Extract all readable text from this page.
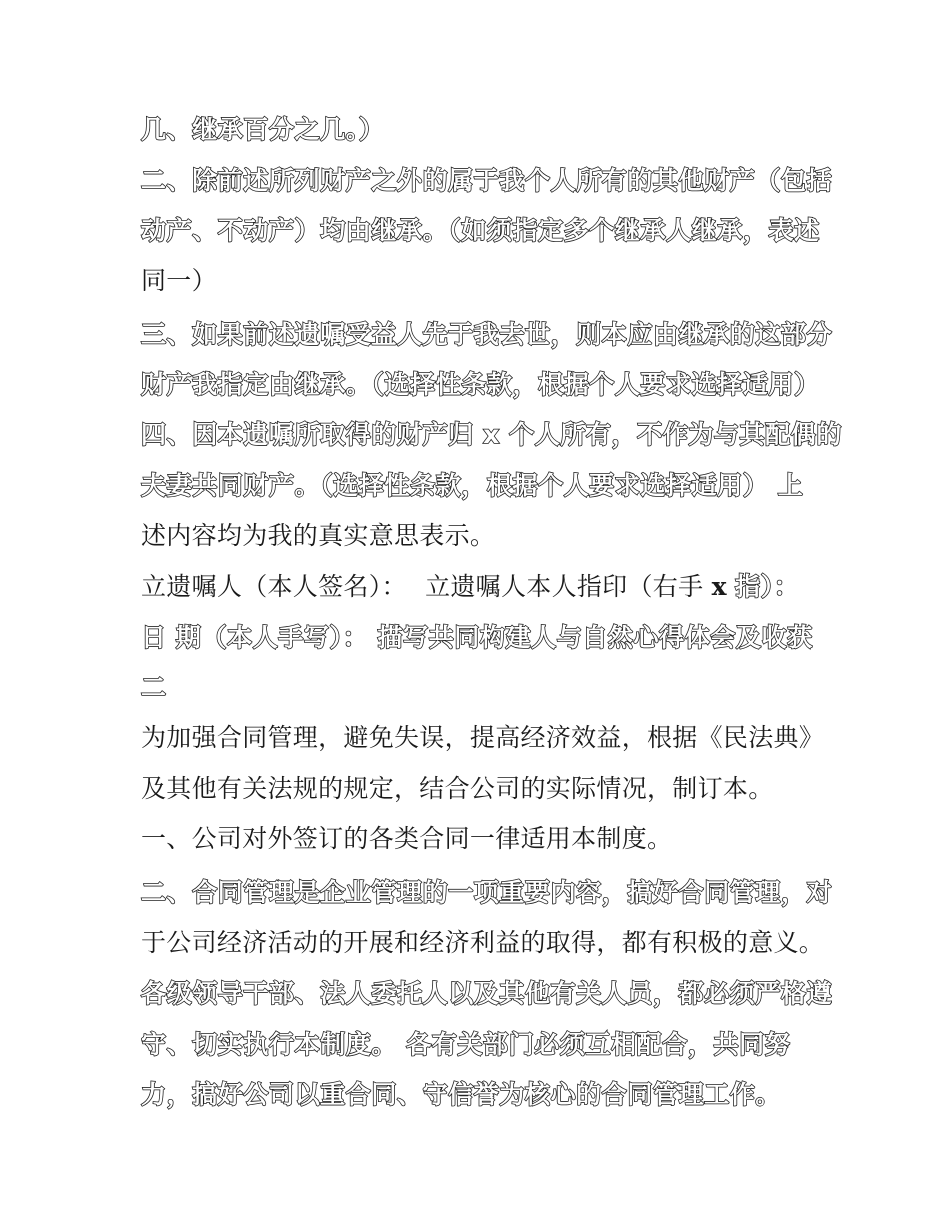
几、继承百分之几。）
二、除前述所列财产之外的属于我个人所有的其他财产（包括
动产、不动产）均由继承。（如须指定多个继承人继承，表述
同一）
三、如果前述遗嘱受益人先于我去世，则本应由继承的这部分
财产我指定由继承。（选择性条款，根据个人要求选择适用）
四、因本遗嘱所取得的财产归 x 个人所有，不作为与其配偶的
夫妻共同财产。（选择性条款，根据个人要求选择适用） 上
述内容均为我的真实意思表示。
立遗嘱人（本人签名）： 立遗嘱人本人指印（右手 x 指）：
日 期（本人手写）： 描写共同构建人与自然心得体会及收获
二
为加强合同管理，避免失误，提高经济效益，根据《民法典》
及其他有关法规的规定，结合公司的实际情况，制订本。
一、公司对外签订的各类合同一律适用本制度。
二、合同管理是企业管理的一项重要内容，搞好合同管理，对
于公司经济活动的开展和经济利益的取得，都有积极的意义。
各级领导干部、法人委托人以及其他有关人员，都必须严格遵
守、切实执行本制度。 各有关部门必须互相配合，共同努
力，搞好公司以重合同、守信誉为核心的合同管理工作。
